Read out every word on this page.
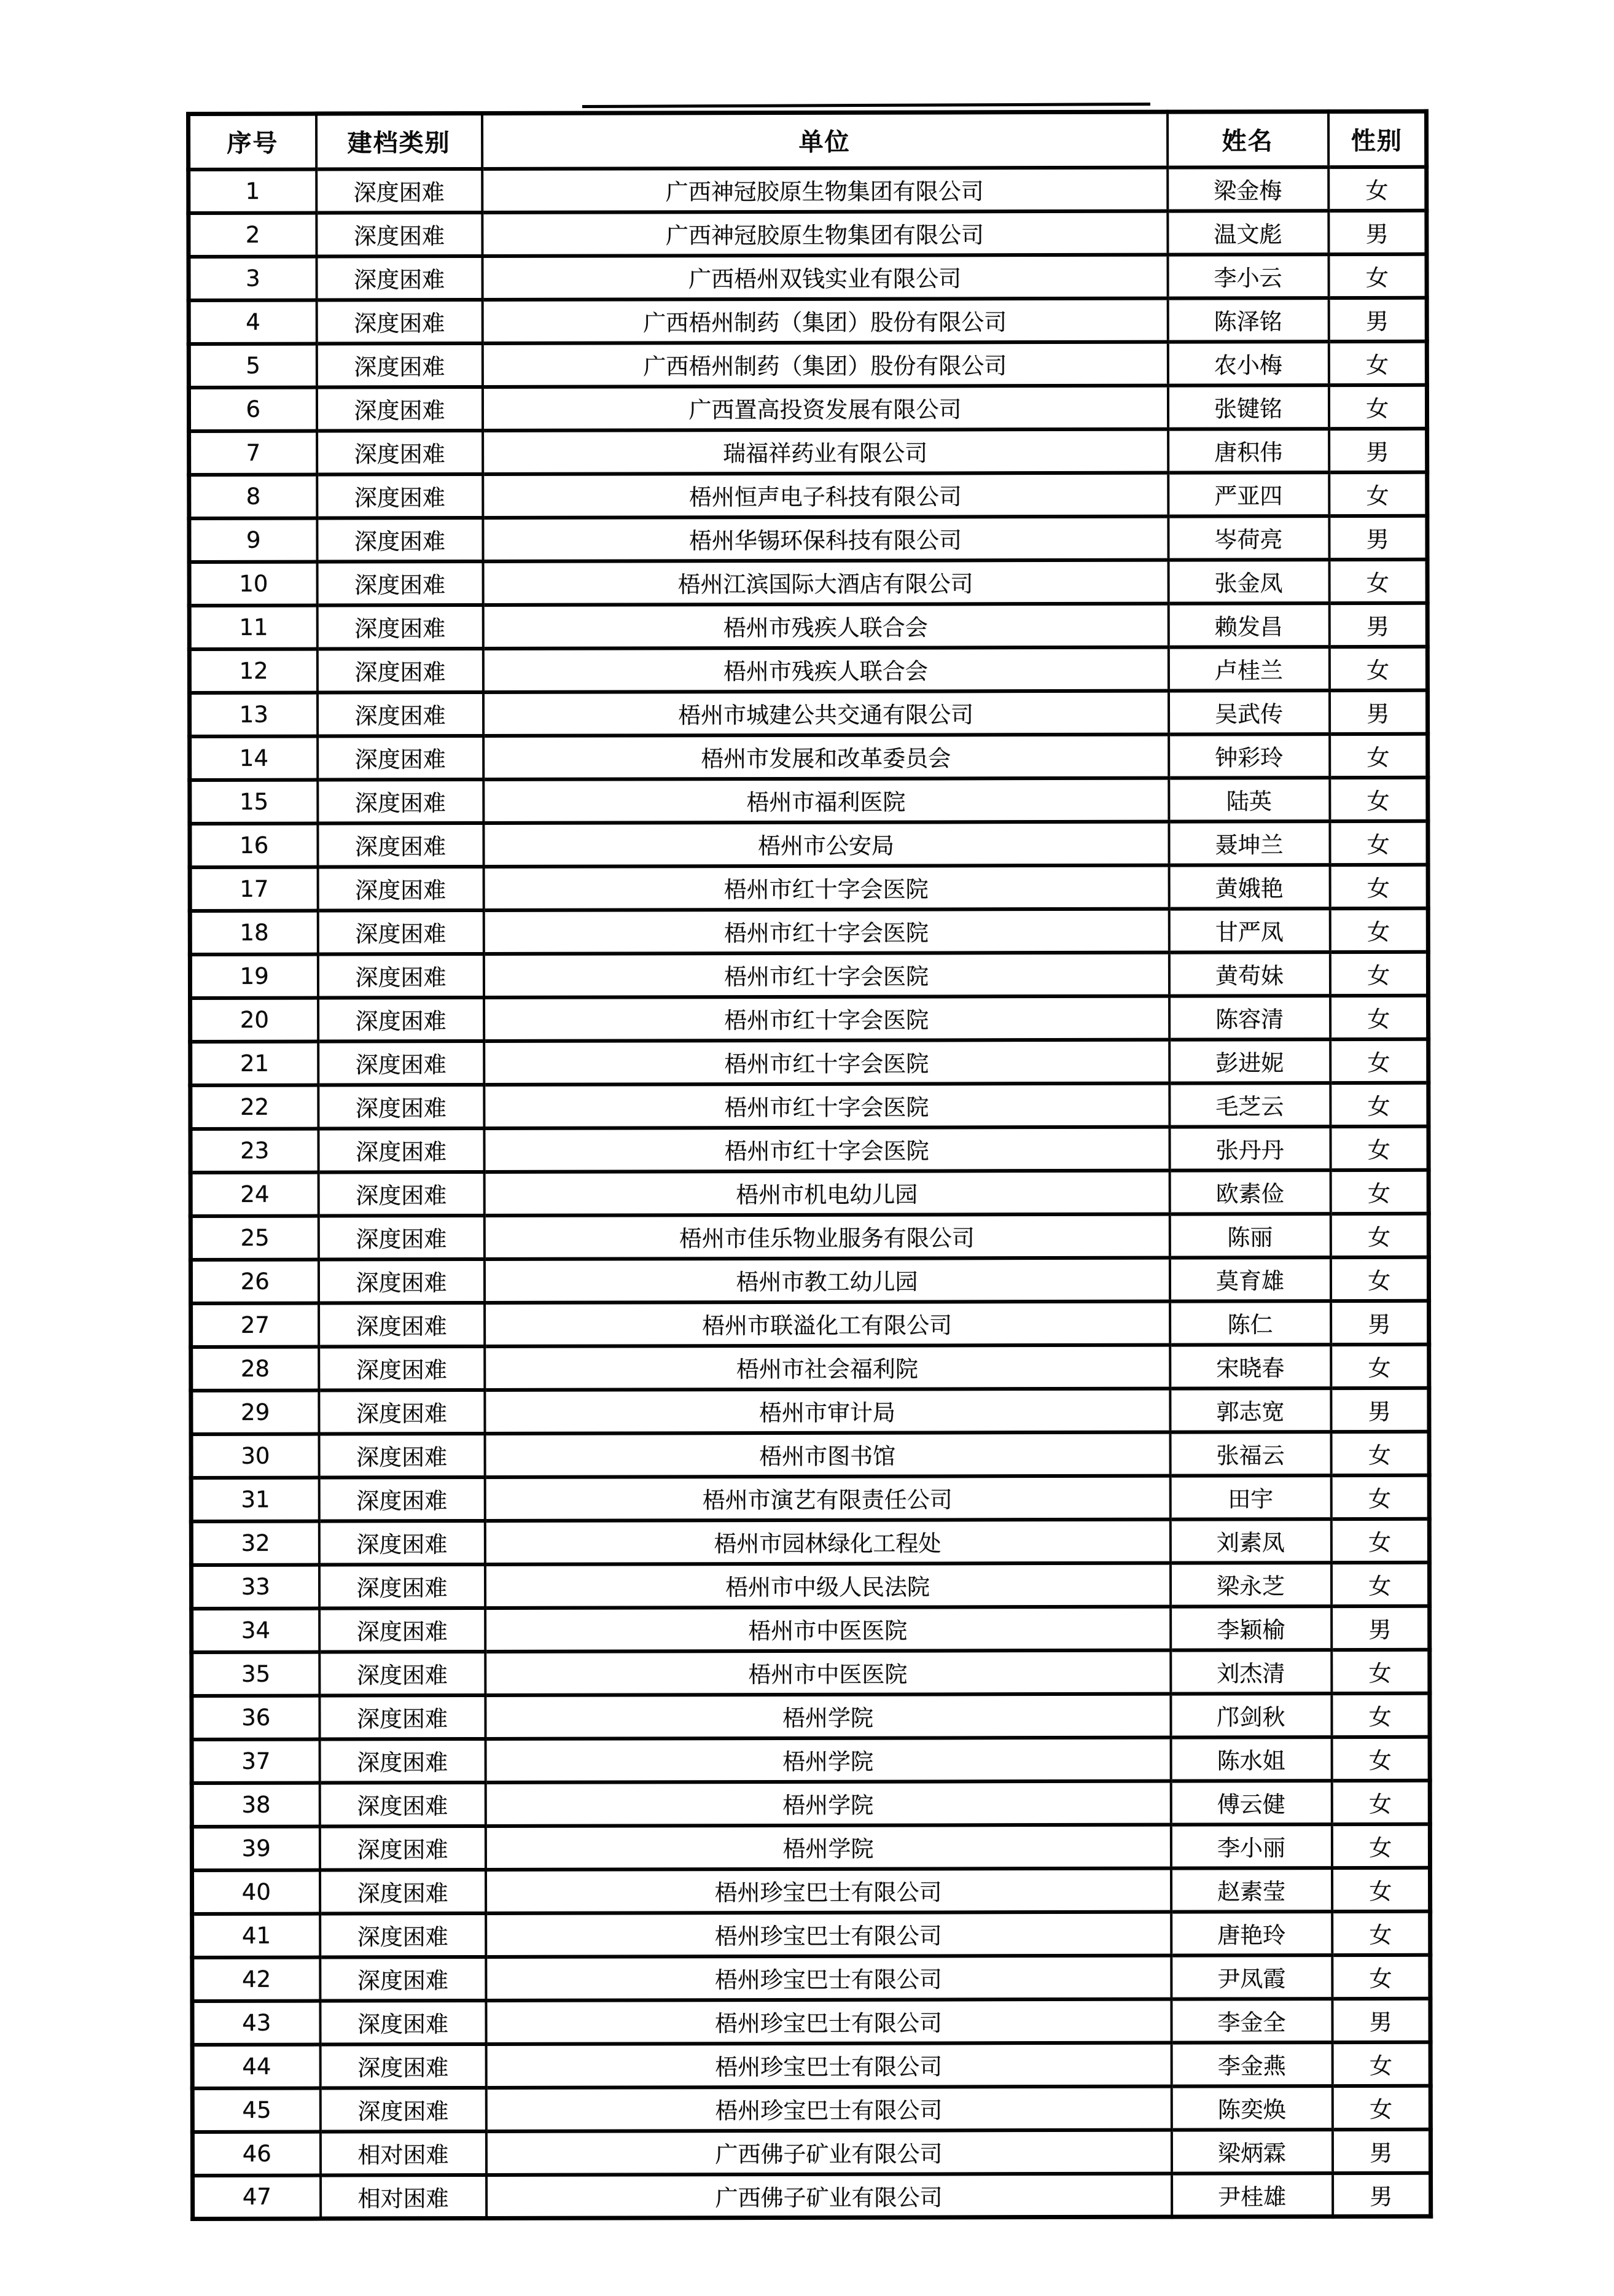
序号	建档类别	单位	姓名	性别
1	深度困难	广西神冠胶原生物集团有限公司	梁金梅	女
2	深度困难	广西神冠胶原生物集团有限公司	温文彪	男
3	深度困难	广西梧州双钱实业有限公司	李小云	女
4	深度困难	广西梧州制药（集团）股份有限公司	陈泽铭	男
5	深度困难	广西梧州制药（集团）股份有限公司	农小梅	女
6	深度困难	广西置高投资发展有限公司	张键铭	女
7	深度困难	瑞福祥药业有限公司	唐积伟	男
8	深度困难	梧州恒声电子科技有限公司	严亚四	女
9	深度困难	梧州华锡环保科技有限公司	岑荷亮	男
10	深度困难	梧州江滨国际大酒店有限公司	张金凤	女
11	深度困难	梧州市残疾人联合会	赖发昌	男
12	深度困难	梧州市残疾人联合会	卢桂兰	女
13	深度困难	梧州市城建公共交通有限公司	吴武传	男
14	深度困难	梧州市发展和改革委员会	钟彩玲	女
15	深度困难	梧州市福利医院	陆英	女
16	深度困难	梧州市公安局	聂坤兰	女
17	深度困难	梧州市红十字会医院	黄娥艳	女
18	深度困难	梧州市红十字会医院	甘严凤	女
19	深度困难	梧州市红十字会医院	黄苟妹	女
20	深度困难	梧州市红十字会医院	陈容清	女
21	深度困难	梧州市红十字会医院	彭进妮	女
22	深度困难	梧州市红十字会医院	毛芝云	女
23	深度困难	梧州市红十字会医院	张丹丹	女
24	深度困难	梧州市机电幼儿园	欧素俭	女
25	深度困难	梧州市佳乐物业服务有限公司	陈丽	女
26	深度困难	梧州市教工幼儿园	莫育雄	女
27	深度困难	梧州市联溢化工有限公司	陈仁	男
28	深度困难	梧州市社会福利院	宋晓春	女
29	深度困难	梧州市审计局	郭志宽	男
30	深度困难	梧州市图书馆	张福云	女
31	深度困难	梧州市演艺有限责任公司	田宇	女
32	深度困难	梧州市园林绿化工程处	刘素凤	女
33	深度困难	梧州市中级人民法院	梁永芝	女
34	深度困难	梧州市中医医院	李颖榆	男
35	深度困难	梧州市中医医院	刘杰清	女
36	深度困难	梧州学院	邝剑秋	女
37	深度困难	梧州学院	陈水姐	女
38	深度困难	梧州学院	傅云健	女
39	深度困难	梧州学院	李小丽	女
40	深度困难	梧州珍宝巴士有限公司	赵素莹	女
41	深度困难	梧州珍宝巴士有限公司	唐艳玲	女
42	深度困难	梧州珍宝巴士有限公司	尹凤霞	女
43	深度困难	梧州珍宝巴士有限公司	李金全	男
44	深度困难	梧州珍宝巴士有限公司	李金燕	女
45	深度困难	梧州珍宝巴士有限公司	陈奕焕	女
46	相对困难	广西佛子矿业有限公司	梁炳霖	男
47	相对困难	广西佛子矿业有限公司	尹桂雄	男
